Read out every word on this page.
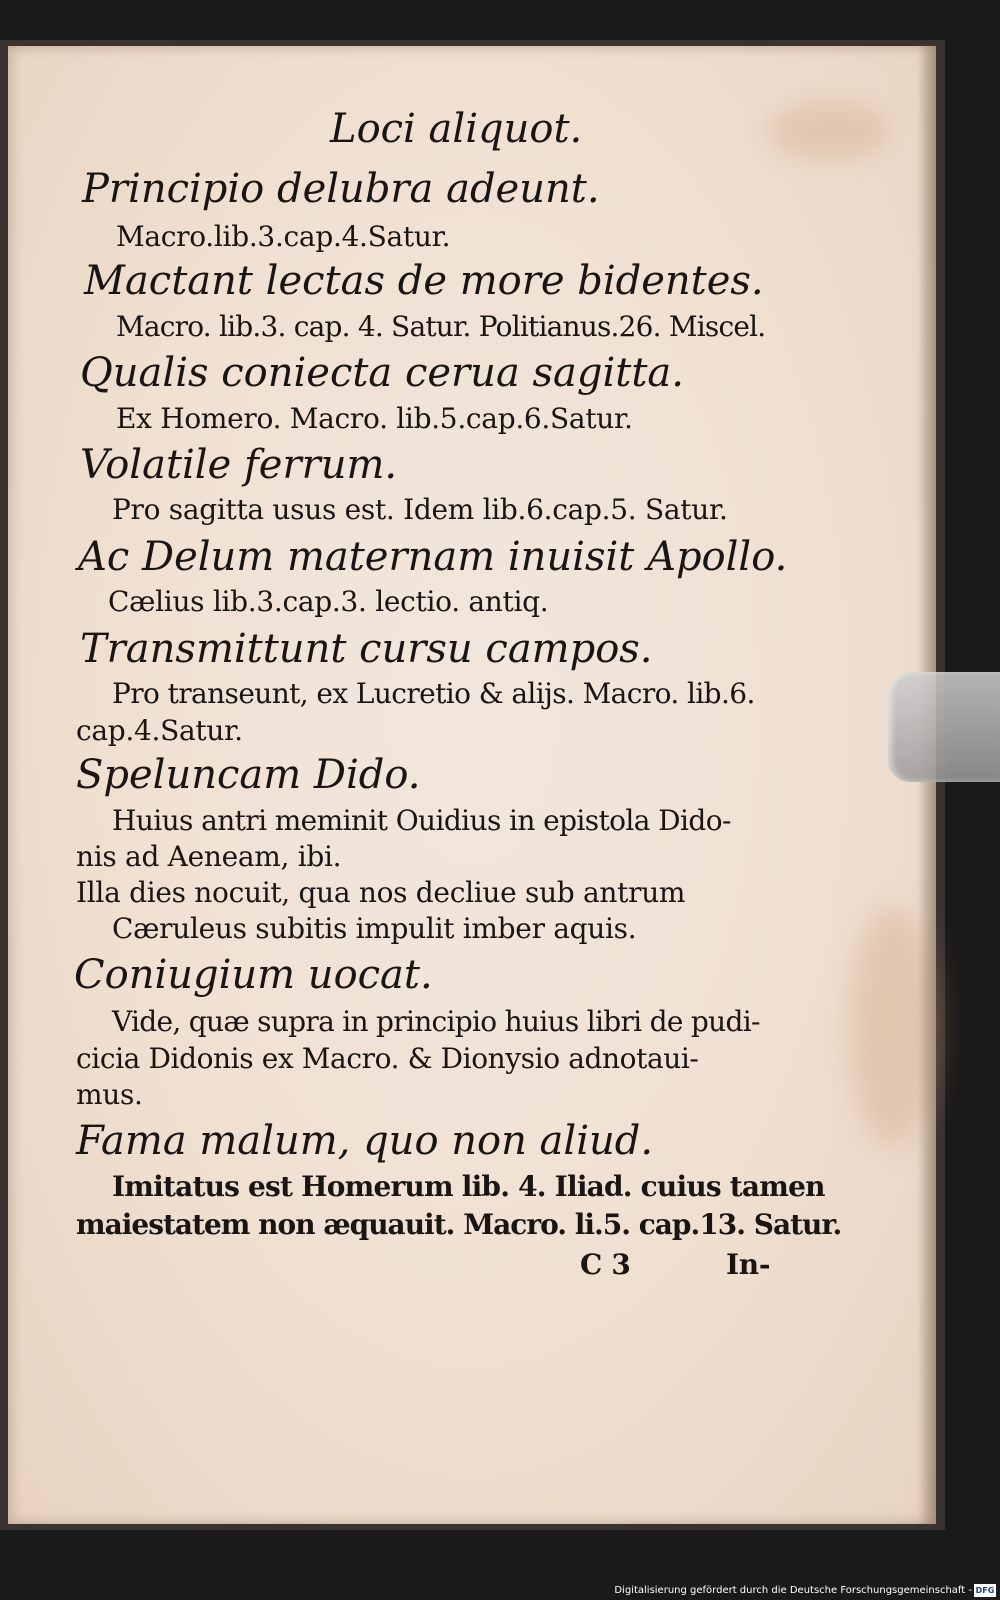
Loci aliquot.
Principio delubra adeunt.
Macro.lib.3.cap.4.Satur.
Mactant lectas de more bidentes.
Macro. lib.3. cap. 4. Satur. Politianus.26. Miscel.
Qualis coniecta cerua sagitta.
Ex Homero. Macro. lib.5.cap.6.Satur.
Volatile ferrum.
Pro sagitta usus est. Idem lib.6.cap.5. Satur.
Ac Delum maternam inuisit Apollo.
Cælius lib.3.cap.3. lectio. antiq.
Transmittunt cursu campos.
Pro transeunt, ex Lucretio & alijs. Macro. lib.6.
cap.4.Satur.
Speluncam Dido.
Huius antri meminit Ouidius in epistola Dido-
nis ad Aeneam, ibi.
Illa dies nocuit, qua nos decliue sub antrum
Cæruleus subitis impulit imber aquis.
Coniugium uocat.
Vide, quæ supra in principio huius libri de pudi-
cicia Didonis ex Macro. & Dionysio adnotaui-
mus.
Fama malum, quo non aliud.
Imitatus est Homerum lib. 4. Iliad. cuius tamen
maiestatem non æquauit. Macro. li.5. cap.13. Satur.
C 3	In-
Digitalisierung gefördert durch die Deutsche Forschungsgemeinschaft - DFG
